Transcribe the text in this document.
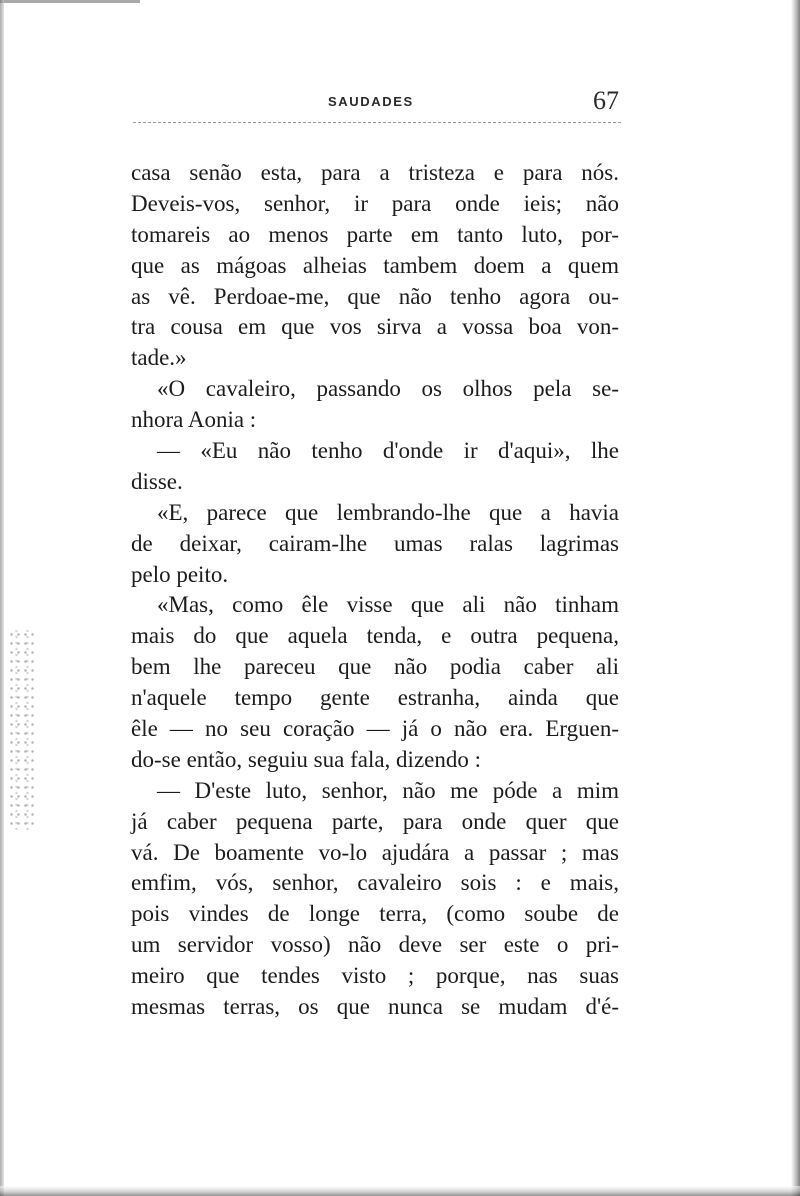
SAUDADES	67
casa senão esta, para a tristeza e para nós.
Deveis-vos, senhor, ir para onde ieis; não
tomareis ao menos parte em tanto luto, por-
que as mágoas alheias tambem doem a quem
as vê. Perdoae-me, que não tenho agora ou-
tra cousa em que vos sirva a vossa boa von-
tade.»
«O cavaleiro, passando os olhos pela se-
nhora Aonia :
— «Eu não tenho d'onde ir d'aqui», lhe
disse.
«E, parece que lembrando-lhe que a havia
de deixar, cairam-lhe umas ralas lagrimas
pelo peito.
«Mas, como êle visse que ali não tinham
mais do que aquela tenda, e outra pequena,
bem lhe pareceu que não podia caber ali
n'aquele tempo gente estranha, ainda que
êle — no seu coração — já o não era. Erguen-
do-se então, seguiu sua fala, dizendo :
— D'este luto, senhor, não me póde a mim
já caber pequena parte, para onde quer que
vá. De boamente vo-lo ajudára a passar ; mas
emfim, vós, senhor, cavaleiro sois : e mais,
pois vindes de longe terra, (como soube de
um servidor vosso) não deve ser este o pri-
meiro que tendes visto ; porque, nas suas
mesmas terras, os que nunca se mudam d'é-
